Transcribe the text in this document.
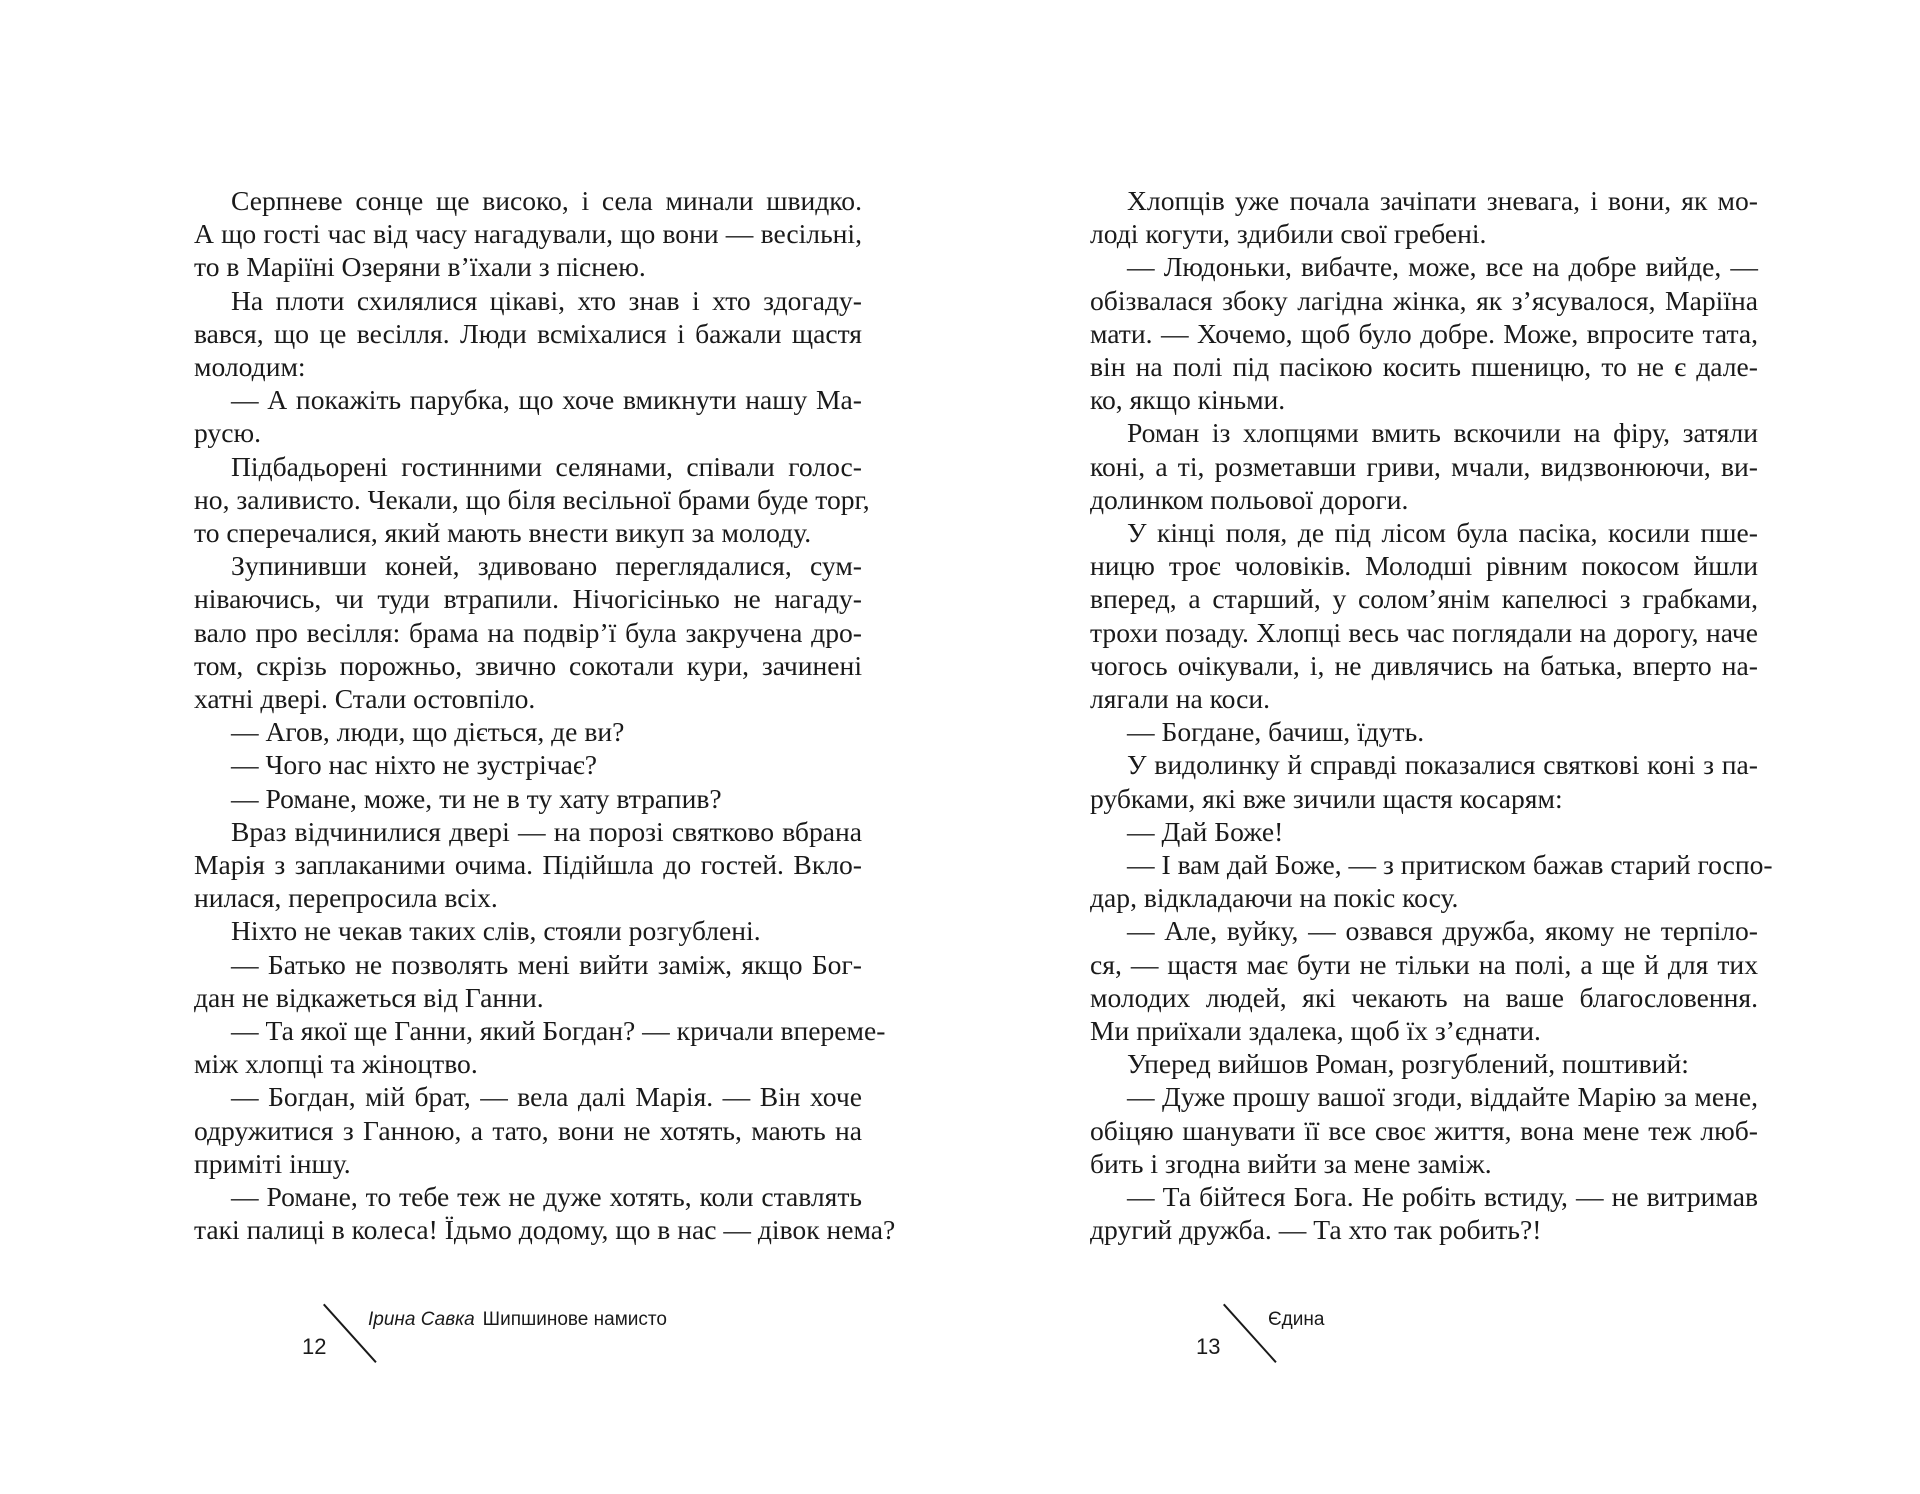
Серпневе сонце ще високо, і села минали швидко.
А що гості час від часу нагадували, що вони — весільні,
то в Маріїні Озеряни в’їхали з піснею.
На плоти схилялися цікаві, хто знав і хто здогаду-
вався, що це весілля. Люди всміхалися і бажали щастя
молодим:
— А покажіть парубка, що хоче вмикнути нашу Ма-
русю.
Підбадьорені гостинними селянами, співали голос-
но, заливисто. Чекали, що біля весільної брами буде торг,
то сперечалися, який мають внести викуп за молоду.
Зупинивши коней, здивовано переглядалися, сум-
ніваючись, чи туди втрапили. Нічогісінько не нагаду-
вало про весілля: брама на подвір’ї була закручена дро-
том, скрізь порожньо, звично сокотали кури, зачинені
хатні двері. Стали остовпіло.
— Агов, люди, що діється, де ви?
— Чого нас ніхто не зустрічає?
— Романе, може, ти не в ту хату втрапив?
Враз відчинилися двері — на порозі святково вбрана
Марія з заплаканими очима. Підійшла до гостей. Вкло-
нилася, перепросила всіх.
Ніхто не чекав таких слів, стояли розгублені.
— Батько не позволять мені вийти заміж, якщо Бог-
дан не відкажеться від Ганни.
— Та якої ще Ганни, який Богдан? — кричали впереме-
між хлопці та жіноцтво.
— Богдан, мій брат, — вела далі Марія. — Він хоче
одружитися з Ганною, а тато, вони не хотять, мають на
приміті іншу.
— Романе, то тебе теж не дуже хотять, коли ставлять
такі палиці в колеса! Їдьмо додому, що в нас — дівок нема?
Хлопців уже почала зачіпати зневага, і вони, як мо-
лоді когути, здибили свої гребені.
— Людоньки, вибачте, може, все на добре вийде, —
обізвалася збоку лагідна жінка, як з’ясувалося, Маріїна
мати. — Хочемо, щоб було добре. Може, впросите тата,
він на полі під пасікою косить пшеницю, то не є дале-
ко, якщо кіньми.
Роман із хлопцями вмить вскочили на фіру, затяли
коні, а ті, розметавши гриви, мчали, видзвонюючи, ви-
долинком польової дороги.
У кінці поля, де під лісом була пасіка, косили пше-
ницю троє чоловіків. Молодші рівним покосом йшли
вперед, а старший, у солом’янім капелюсі з грабками,
трохи позаду. Хлопці весь час поглядали на дорогу, наче
чогось очікували, і, не дивлячись на батька, вперто на-
лягали на коси.
— Богдане, бачиш, їдуть.
У видолинку й справді показалися святкові коні з па-
рубками, які вже зичили щастя косарям:
— Дай Боже!
— І вам дай Боже, — з притиском бажав старий госпо-
дар, відкладаючи на покіс косу.
— Але, вуйку, — озвався дружба, якому не терпіло-
ся, — щастя має бути не тільки на полі, а ще й для тих
молодих людей, які чекають на ваше благословення.
Ми приїхали здалека, щоб їх з’єднати.
Уперед вийшов Роман, розгублений, поштивий:
— Дуже прошу вашої згоди, віддайте Марію за мене,
обіцяю шанувати її все своє життя, вона мене теж люб-
бить і згодна вийти за мене заміж.
— Та бійтеся Бога. Не робіть встиду, — не витримав
другий дружба. — Та хто так робить?!
12
Ірина Савка Шипшинове намисто
13
Єдина
